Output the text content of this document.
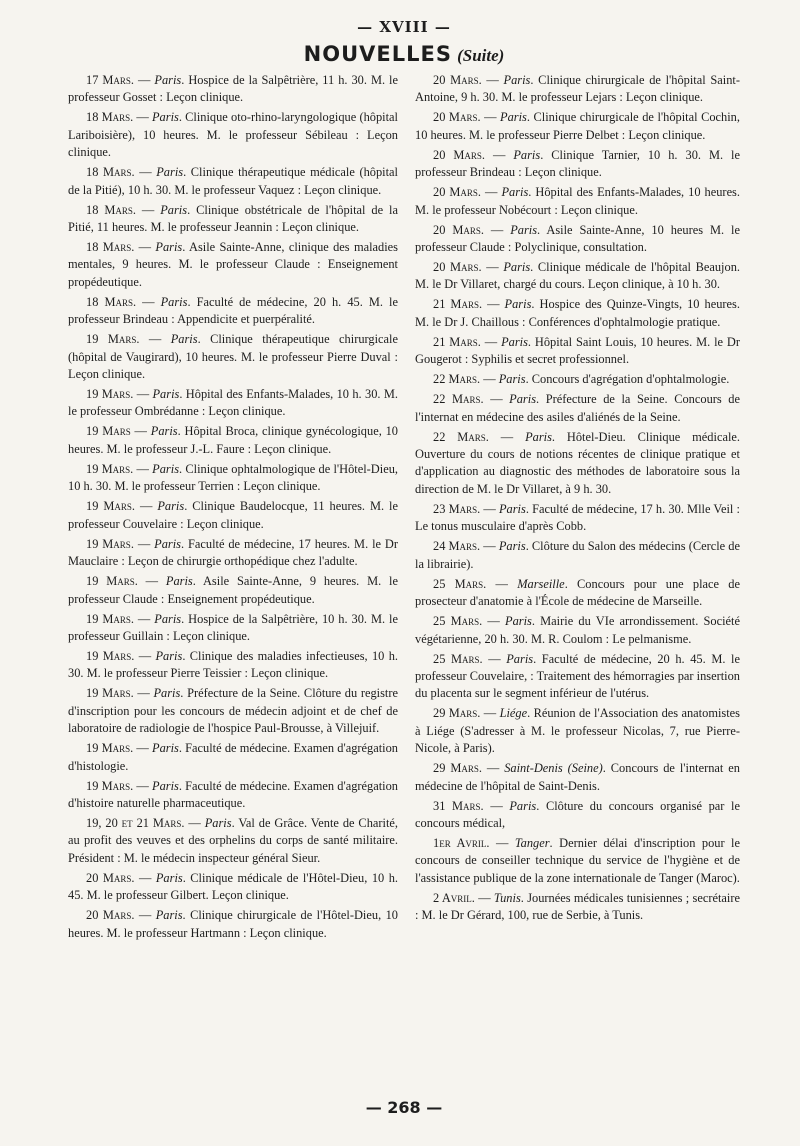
— XVIII —
NOUVELLES (Suite)

17 Mars. — Paris. Hospice de la Salpêtrière, 11 h. 30. M. le professeur Gosset : Leçon clinique.

18 Mars. — Paris. Clinique oto-rhino-laryngologique (hôpital Lariboisière), 10 heures. M. le professeur Sébileau : Leçon clinique.

18 Mars. — Paris. Clinique thérapeutique médicale (hôpital de la Pitié), 10 h. 30. M. le professeur Vaquez : Leçon clinique.

18 Mars. — Paris. Clinique obstétricale de l'hôpital de la Pitié, 11 heures. M. le professeur Jeannin : Leçon clinique.

18 Mars. — Paris. Asile Sainte-Anne, clinique des maladies mentales, 9 heures. M. le professeur Claude : Enseignement propédeutique.

18 Mars. — Paris. Faculté de médecine, 20 h. 45. M. le professeur Brindeau : Appendicite et puerpéralité.

19 Mars. — Paris. Clinique thérapeutique chirurgicale (hôpital de Vaugirard), 10 heures. M. le professeur Pierre Duval : Leçon clinique.

19 Mars. — Paris. Hôpital des Enfants-Malades, 10 h. 30. M. le professeur Ombrédanne : Leçon clinique.

19 Mars — Paris. Hôpital Broca, clinique gynécologique, 10 heures. M. le professeur J.-L. Faure : Leçon clinique.

19 Mars. — Paris. Clinique ophtalmologique de l'Hôtel-Dieu, 10 h. 30. M. le professeur Terrien : Leçon clinique.

19 Mars. — Paris. Clinique Baudelocque, 11 heures. M. le professeur Couvelaire : Leçon clinique.

19 Mars. — Paris. Faculté de médecine, 17 heures. M. le Dr Mauclaire : Leçon de chirurgie orthopédique chez l'adulte.

19 Mars. — Paris. Asile Sainte-Anne, 9 heures. M. le professeur Claude : Enseignement propédeutique.

19 Mars. — Paris. Hospice de la Salpêtrière, 10 h. 30. M. le professeur Guillain : Leçon clinique.

19 Mars. — Paris. Clinique des maladies infectieuses, 10 h. 30. M. le professeur Pierre Teissier : Leçon clinique.

19 Mars. — Paris. Préfecture de la Seine. Clôture du registre d'inscription pour les concours de médecin adjoint et de chef de laboratoire de radiologie de l'hospice Paul-Brousse, à Villejuif.

19 Mars. — Paris. Faculté de médecine. Examen d'agrégation d'histologie.

19 Mars. — Paris. Faculté de médecine. Examen d'agrégation d'histoire naturelle pharmaceutique.

19, 20 et 21 Mars. — Paris. Val de Grâce. Vente de Charité, au profit des veuves et des orphelins du corps de santé militaire. Président : M. le médecin inspecteur général Sieur.

20 Mars. — Paris. Clinique médicale de l'Hôtel-Dieu, 10 h. 45. M. le professeur Gilbert. Leçon clinique.

20 Mars. — Paris. Clinique chirurgicale de l'Hôtel-Dieu, 10 heures. M. le professeur Hartmann : Leçon clinique.

20 Mars. — Paris. Clinique chirurgicale de l'hôpital Saint-Antoine, 9 h. 30. M. le professeur Lejars : Leçon clinique.

20 Mars. — Paris. Clinique chirurgicale de l'hôpital Cochin, 10 heures. M. le professeur Pierre Delbet : Leçon clinique.

20 Mars. — Paris. Clinique Tarnier, 10 h. 30. M. le professeur Brindeau : Leçon clinique.

20 Mars. — Paris. Hôpital des Enfants-Malades, 10 heures. M. le professeur Nobécourt : Leçon clinique.

20 Mars. — Paris. Asile Sainte-Anne, 10 heures M. le professeur Claude : Polyclinique, consultation.

20 Mars. — Paris. Clinique médicale de l'hôpital Beaujon. M. le Dr Villaret, chargé du cours. Leçon clinique, à 10 h. 30.

21 Mars. — Paris. Hospice des Quinze-Vingts, 10 heures. M. le Dr J. Chaillous : Conférences d'ophtalmologie pratique.

21 Mars. — Paris. Hôpital Saint Louis, 10 heures. M. le Dr Gougerot : Syphilis et secret professionnel.

22 Mars. — Paris. Concours d'agrégation d'ophtalmologie.

22 Mars. — Paris. Préfecture de la Seine. Concours de l'internat en médecine des asiles d'aliénés de la Seine.

22 Mars. — Paris. Hôtel-Dieu. Clinique médicale. Ouverture du cours de notions récentes de clinique pratique et d'application au diagnostic des méthodes de laboratoire sous la direction de M. le Dr Villaret, à 9 h. 30.

23 Mars. — Paris. Faculté de médecine, 17 h. 30. Mlle Veil : Le tonus musculaire d'après Cobb.

24 Mars. — Paris. Clôture du Salon des médecins (Cercle de la librairie).

25 Mars. — Marseille. Concours pour une place de prosecteur d'anatomie à l'École de médecine de Marseille.

25 Mars. — Paris. Mairie du VIe arrondissement. Société végétarienne, 20 h. 30. M. R. Coulom : Le pelmanisme.

25 Mars. — Paris. Faculté de médecine, 20 h. 45. M. le professeur Couvelaire, : Traitement des hémorragies par insertion du placenta sur le segment inférieur de l'utérus.

29 Mars. — Liége. Réunion de l'Association des anatomistes à Liége (S'adresser à M. le professeur Nicolas, 7, rue Pierre-Nicole, à Paris).

29 Mars. — Saint-Denis (Seine). Concours de l'internat en médecine de l'hôpital de Saint-Denis.

31 Mars. — Paris. Clôture du concours organisé par le concours médical,

1er Avril. — Tanger. Dernier délai d'inscription pour le concours de conseiller technique du service de l'hygiène et de l'assistance publique de la zone internationale de Tanger (Maroc).

2 Avril. — Tunis. Journées médicales tunisiennes ; secrétaire : M. le Dr Gérard, 100, rue de Serbie, à Tunis.

— 268 —
